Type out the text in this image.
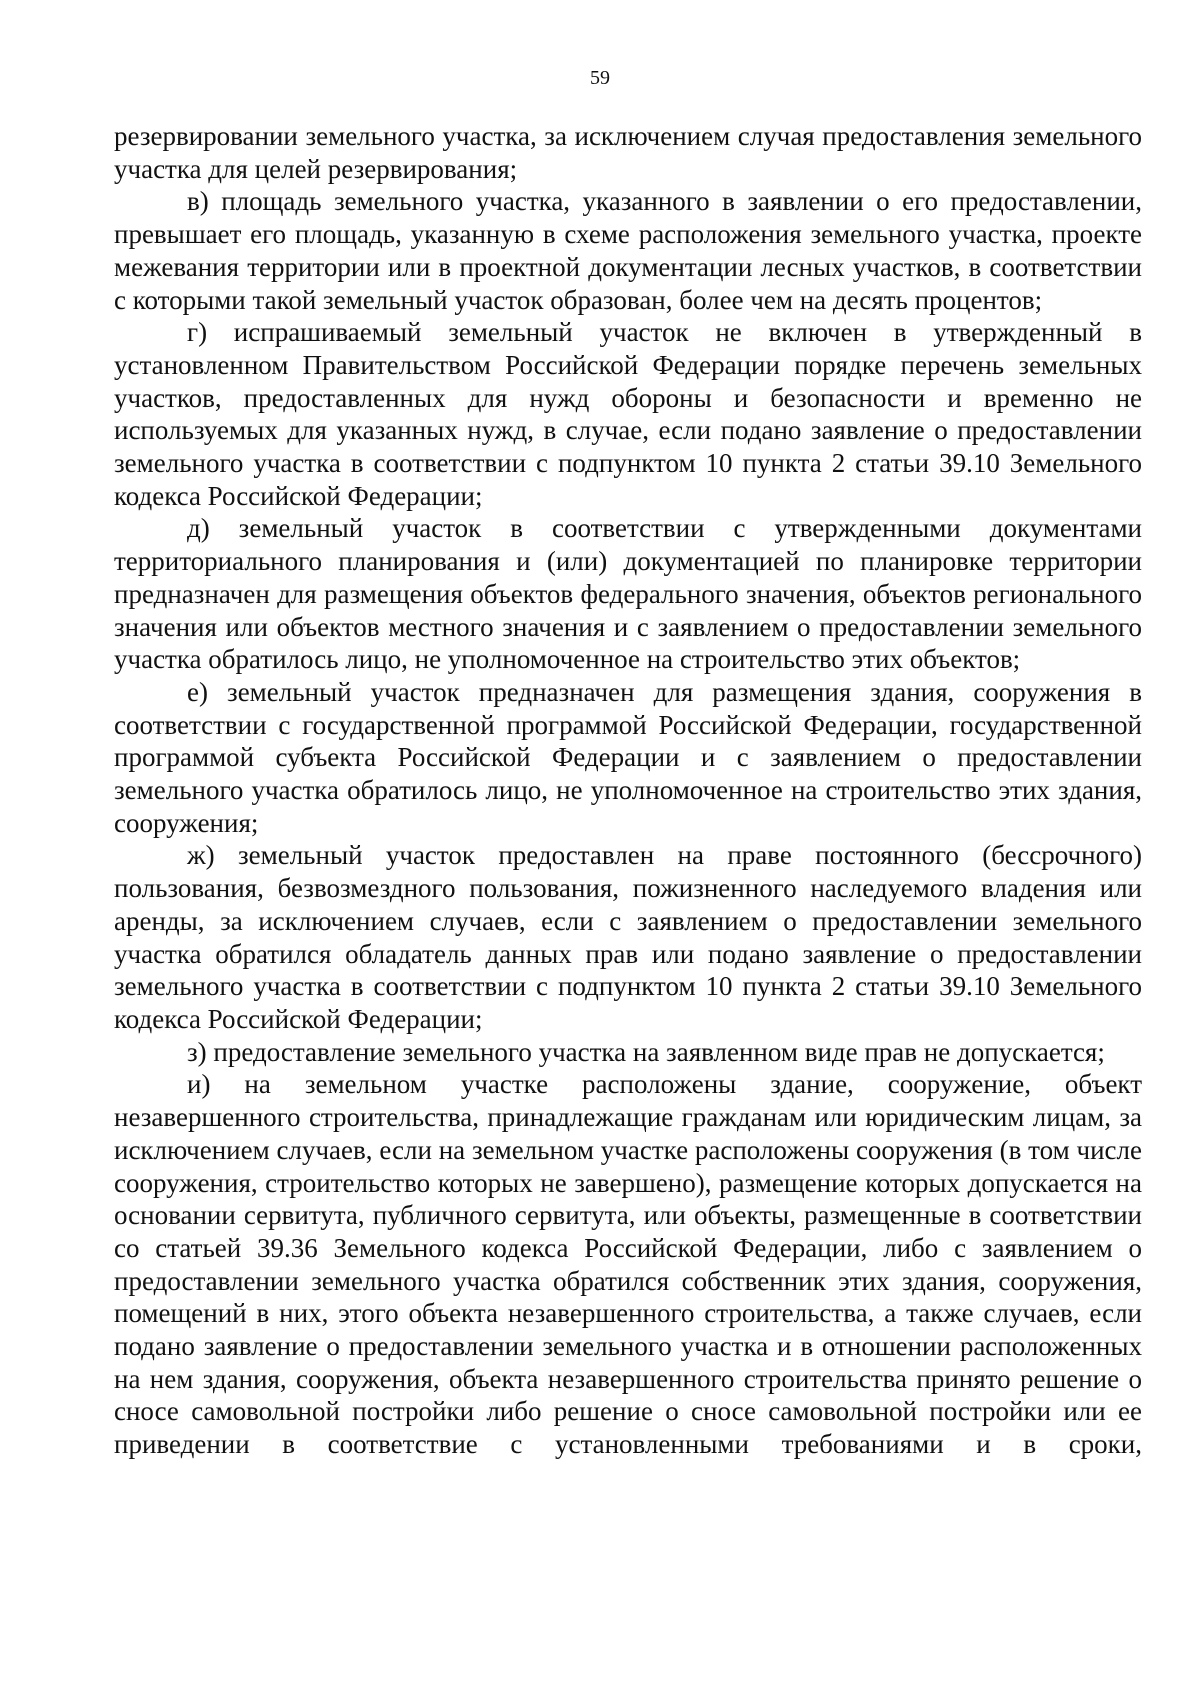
59

резервировании земельного участка, за исключением случая предоставления земельного участка для целей резервирования;

в) площадь земельного участка, указанного в заявлении о его предоставлении, превышает его площадь, указанную в схеме расположения земельного участка, проекте межевания территории или в проектной документации лесных участков, в соответствии с которыми такой земельный участок образован, более чем на десять процентов;

г) испрашиваемый земельный участок не включен в утвержденный в установленном Правительством Российской Федерации порядке перечень земельных участков, предоставленных для нужд обороны и безопасности и временно не используемых для указанных нужд, в случае, если подано заявление о предоставлении земельного участка в соответствии с подпунктом 10 пункта 2 статьи 39.10 Земельного кодекса Российской Федерации;

д) земельный участок в соответствии с утвержденными документами территориального планирования и (или) документацией по планировке территории предназначен для размещения объектов федерального значения, объектов регионального значения или объектов местного значения и с заявлением о предоставлении земельного участка обратилось лицо, не уполномоченное на строительство этих объектов;

е) земельный участок предназначен для размещения здания, сооружения в соответствии с государственной программой Российской Федерации, государственной программой субъекта Российской Федерации и с заявлением о предоставлении земельного участка обратилось лицо, не уполномоченное на строительство этих здания, сооружения;

ж) земельный участок предоставлен на праве постоянного (бессрочного) пользования, безвозмездного пользования, пожизненного наследуемого владения или аренды, за исключением случаев, если с заявлением о предоставлении земельного участка обратился обладатель данных прав или подано заявление о предоставлении земельного участка в соответствии с подпунктом 10 пункта 2 статьи 39.10 Земельного кодекса Российской Федерации;

з) предоставление земельного участка на заявленном виде прав не допускается;

и) на земельном участке расположены здание, сооружение, объект незавершенного строительства, принадлежащие гражданам или юридическим лицам, за исключением случаев, если на земельном участке расположены сооружения (в том числе сооружения, строительство которых не завершено), размещение которых допускается на основании сервитута, публичного сервитута, или объекты, размещенные в соответствии со статьей 39.36 Земельного кодекса Российской Федерации, либо с заявлением о предоставлении земельного участка обратился собственник этих здания, сооружения, помещений в них, этого объекта незавершенного строительства, а также случаев, если подано заявление о предоставлении земельного участка и в отношении расположенных на нем здания, сооружения, объекта незавершенного строительства принято решение о сносе самовольной постройки либо решение о сносе самовольной постройки или ее приведении в соответствие с установленными требованиями и в сроки,
